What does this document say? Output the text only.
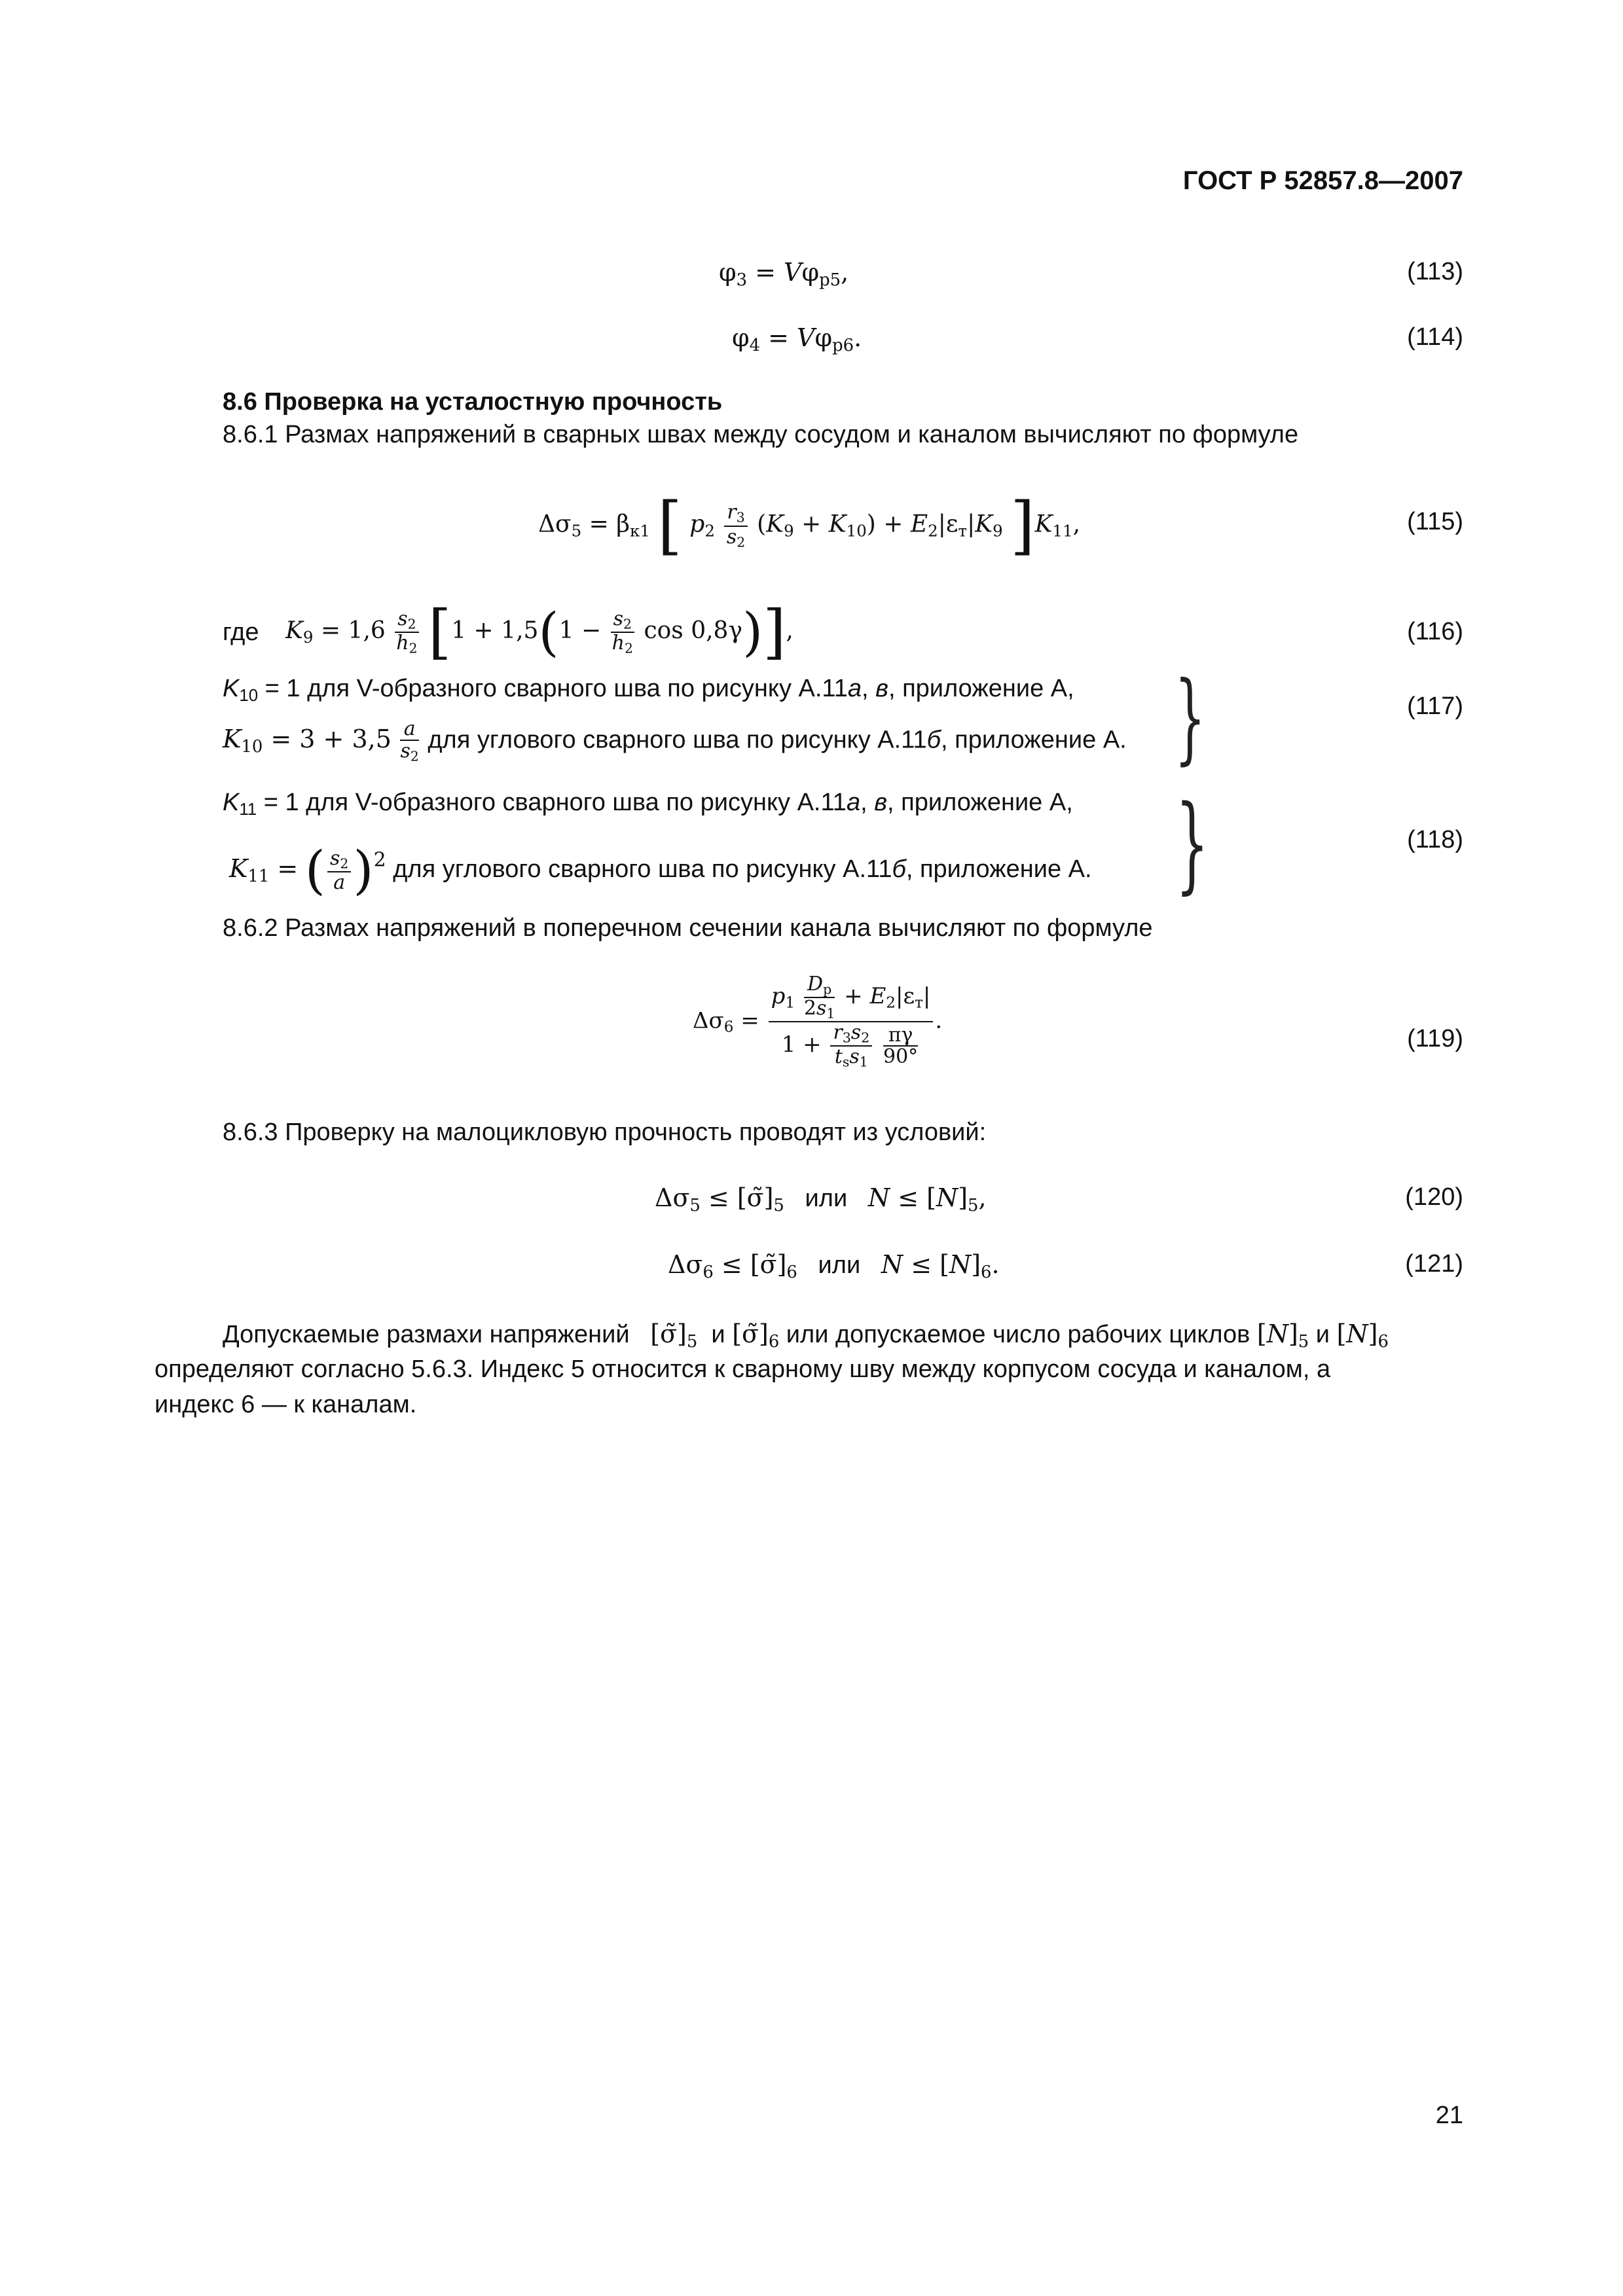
ГОСТ Р 52857.8—2007
$\varphi_3 = V\varphi_{p5}$,	(113)
$\varphi_4 = V\varphi_{p6}$.	(114)
8.6 Проверка на усталостную прочность
8.6.1 Размах напряжений в сварных швах между сосудом и каналом вычисляют по формуле
$\Delta\sigma_5 = \beta_{к1}$ [ $p_2 \frac{r_3}{s_2} (K_9 + K_{10}) + E_2|\varepsilon_т|K_9$ ]$K_{11}$,	(115)
где $K_9 = 1,6 \frac{s_2}{h_2} [1 + 1,5(1 - \frac{s_2}{h_2}$ cos 0,8γ)],	(116)
$K_{10} = 1$ для V-образного сварного шва по рисунку А.11а, в, приложение А,
$K_{10} = 3 + 3,5 \frac{a}{s_2}$ для углового сварного шва по рисунку А.11б, приложение А. }	(117)
$K_{11} = 1$ для V-образного сварного шва по рисунку А.11а, в, приложение А,
$K_{11}$ = ( $\frac{s_2}{a} )^2$ для углового сварного шва по рисунку А.11б, приложение А. }	(118)
8.6.2 Размах напряжений в поперечном сечении канала вычисляют по формуле
$\Delta\sigma_6 = p_1 \frac{D_р}{2s_1} + E_2|\varepsilon_т|$
$1 + \frac{r_3s_2}{t_ss_1}$
$\frac{\pi\gamma}{90^\circ}$ .
(119)
8.6.3 Проверку на малоцикловую прочность проводят из условий:
$\Delta\sigma_5$ ≤ $[\sigmã]_5$ или $N \le [N]_5$,	(120)
$\Delta\sigma_6$ ≤ $[\sigmã]_6$ или $N \le [N]_6$.	(121)
Допускаемые размахи напряжений $[\sigmã]_5$  и $[\sigmã]_6$ или допускаемое число рабочих циклов $[N]_5$ и $[N]_6$
определяют согласно 5.6.3. Индекс 5 относится к сварному шву между корпусом сосуда и каналом, а
индекс 6 — к каналам.
21
